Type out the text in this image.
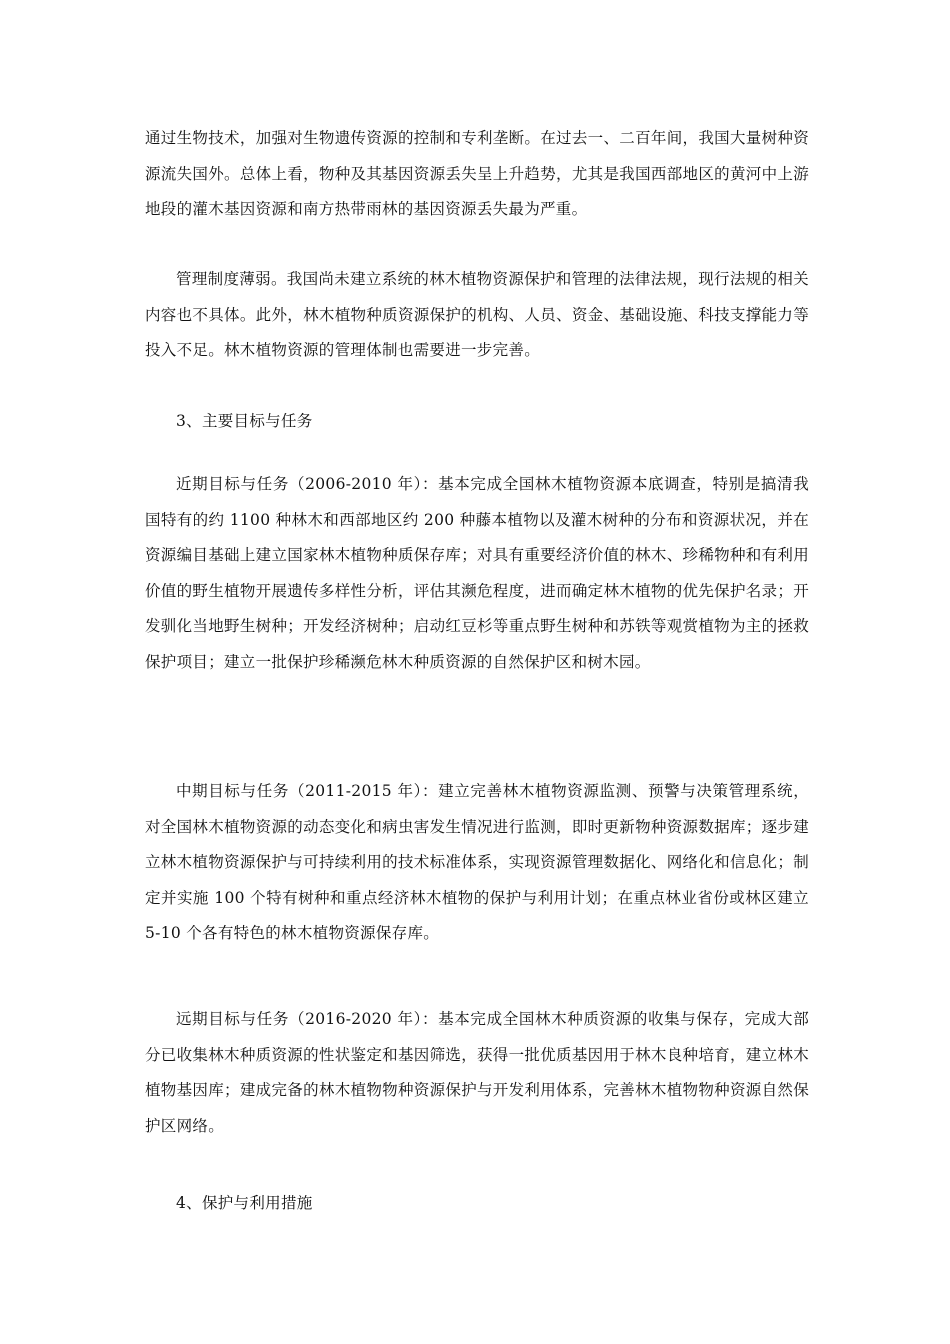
通过生物技术，加强对生物遗传资源的控制和专利垄断。在过去一、二百年间，我国大量树种资源流失国外。总体上看，物种及其基因资源丢失呈上升趋势，尤其是我国西部地区的黄河中上游地段的灌木基因资源和南方热带雨林的基因资源丢失最为严重。

管理制度薄弱。我国尚未建立系统的林木植物资源保护和管理的法律法规，现行法规的相关内容也不具体。此外，林木植物种质资源保护的机构、人员、资金、基础设施、科技支撑能力等投入不足。林木植物资源的管理体制也需要进一步完善。

3、主要目标与任务

近期目标与任务（2006-2010 年）：基本完成全国林木植物资源本底调查，特别是搞清我国特有的约 1100 种林木和西部地区约 200 种藤本植物以及灌木树种的分布和资源状况，并在资源编目基础上建立国家林木植物种质保存库；对具有重要经济价值的林木、珍稀物种和有利用价值的野生植物开展遗传多样性分析，评估其濒危程度，进而确定林木植物的优先保护名录；开发驯化当地野生树种；开发经济树种；启动红豆杉等重点野生树种和苏铁等观赏植物为主的拯救保护项目；建立一批保护珍稀濒危林木种质资源的自然保护区和树木园。

中期目标与任务（2011-2015 年）：建立完善林木植物资源监测、预警与决策管理系统，对全国林木植物资源的动态变化和病虫害发生情况进行监测，即时更新物种资源数据库；逐步建立林木植物资源保护与可持续利用的技术标准体系，实现资源管理数据化、网络化和信息化；制定并实施 100 个特有树种和重点经济林木植物的保护与利用计划；在重点林业省份或林区建立 5-10 个各有特色的林木植物资源保存库。

远期目标与任务（2016-2020 年）：基本完成全国林木种质资源的收集与保存，完成大部分已收集林木种质资源的性状鉴定和基因筛选，获得一批优质基因用于林木良种培育，建立林木植物基因库；建成完备的林木植物物种资源保护与开发利用体系，完善林木植物物种资源自然保护区网络。

4、保护与利用措施
